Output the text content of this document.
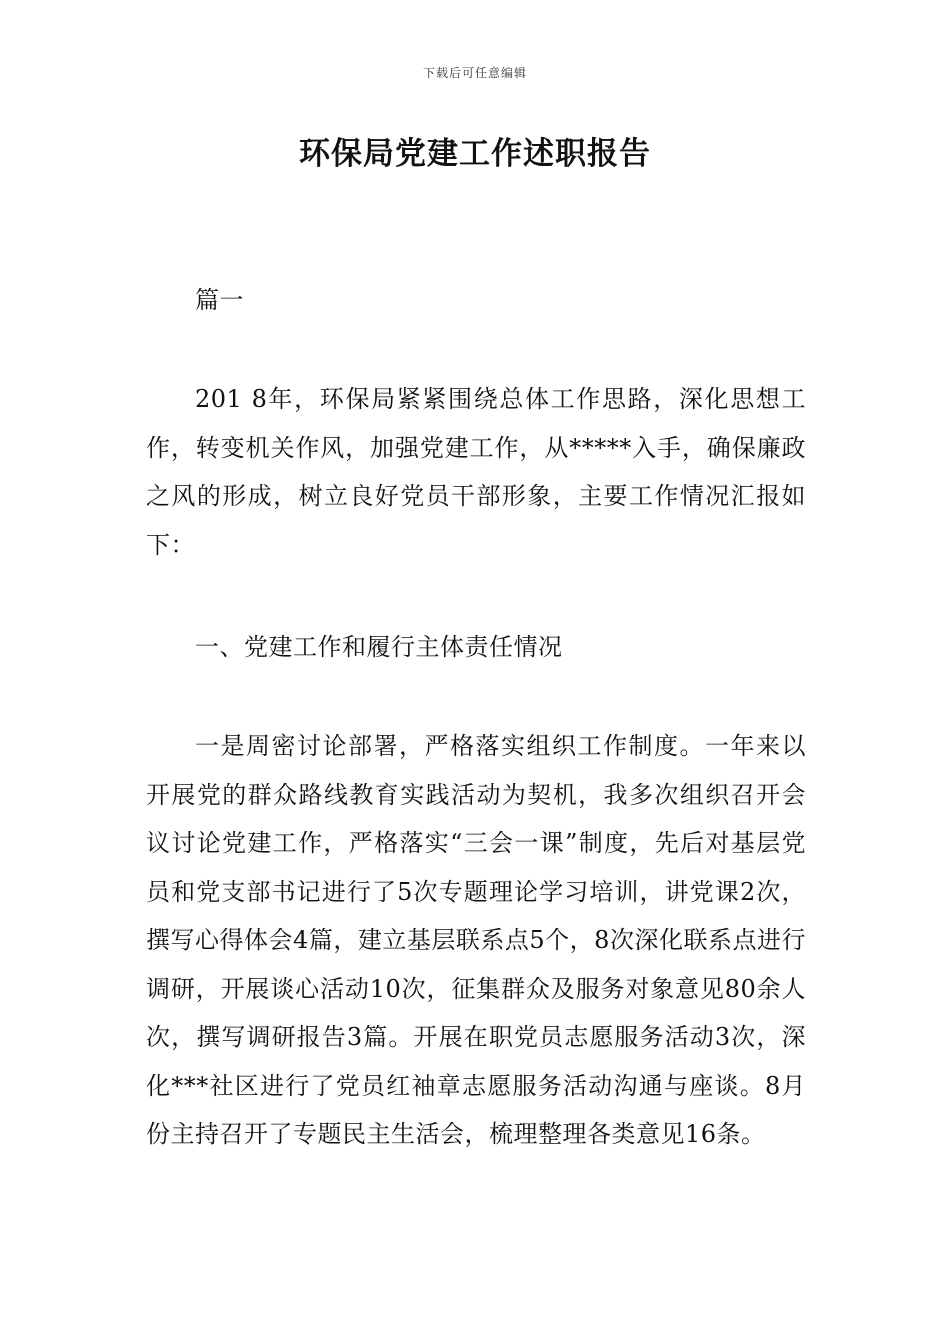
下载后可任意编辑
环保局党建工作述职报告

篇一

201 8年，环保局紧紧围绕总体工作思路，深化思想工作，转变机关作风，加强党建工作，从*****入手，确保廉政之风的形成，树立良好党员干部形象，主要工作情况汇报如下：

一、党建工作和履行主体责任情况

一是周密讨论部署，严格落实组织工作制度。一年来以开展党的群众路线教育实践活动为契机，我多次组织召开会议讨论党建工作，严格落实“三会一课”制度，先后对基层党员和党支部书记进行了5次专题理论学习培训，讲党课2次，撰写心得体会4篇，建立基层联系点5个，8次深化联系点进行调研，开展谈心活动10次，征集群众及服务对象意见80余人次，撰写调研报告3篇。开展在职党员志愿服务活动3次，深化***社区进行了党员红袖章志愿服务活动沟通与座谈。8月份主持召开了专题民主生活会，梳理整理各类意见16条。
